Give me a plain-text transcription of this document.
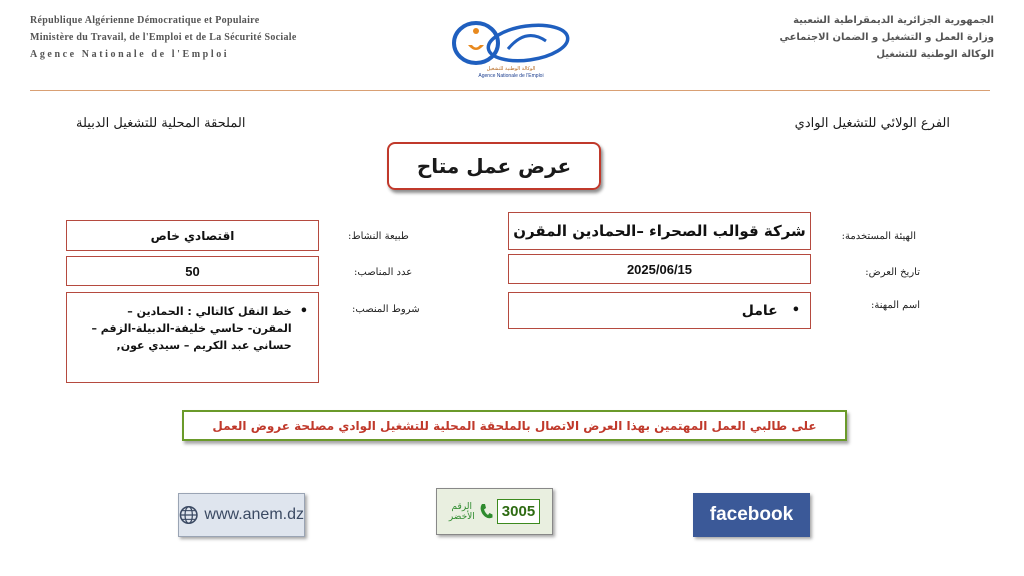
République Algérienne Démocratique et Populaire
Ministère du Travail, de l'Emploi et de La Sécurité Sociale
Agence Nationale de l'Emploi
الوكالة الوطنية للتشغيل
Agence Nationale de l'Emploi
الجمهورية الجزائرية الديمقراطية الشعبية
وزارة العمل و التشغيل و الضمان الاجتماعي
الوكالة الوطنية للتشغيل
الملحقة المحلية للتشغيل الدبيلة	الفرع الولائي للتشغيل الوادي
عرض عمل متاح
الهيئة المستخدمة:
شركة قوالب الصحراء –الحمادين المقرن
تاريخ العرض:
2025/06/15
اسم المهنة:
•
عامل
طبيعة النشاط:
اقتصادي خاص
عدد المناصب:
50
شروط المنصب:
•
خط النقل كالتالي : الحمادين – المقرن- حاسي خليفة-الدبيلة-الزقم – حساني عبد الكريم – سيدي عون,
على طالبي العمل المهتمين بهذا العرض الاتصال بالملحقة المحلية للتشغيل الوادي مصلحة عروض العمل
www.anem.dz	الرقم
الأخضر	3005	facebook
